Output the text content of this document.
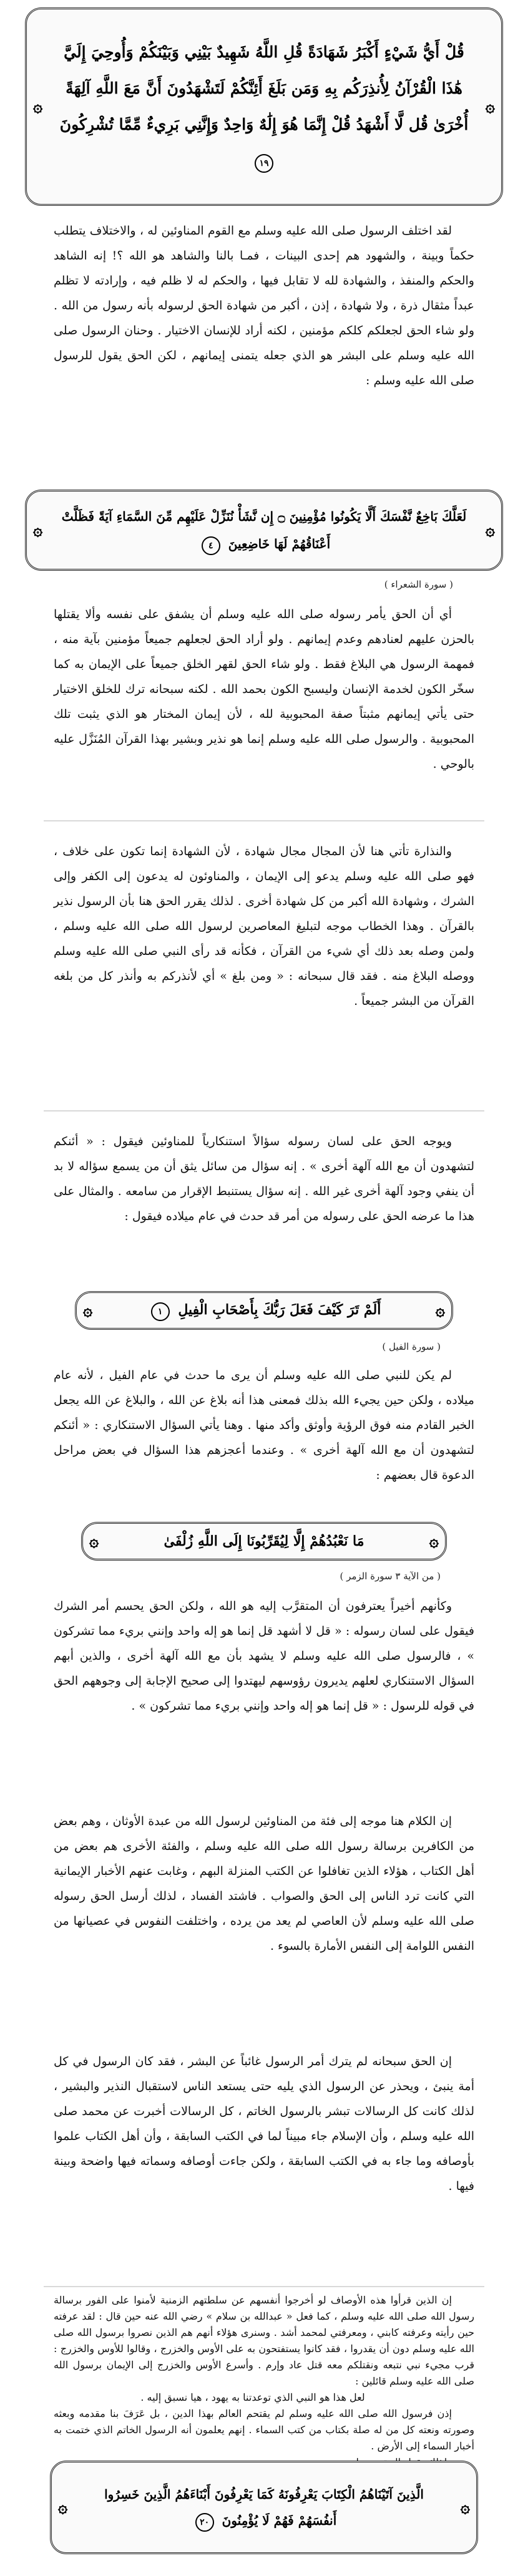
۞
قُلْ أَيُّ شَيْءٍ أَكْبَرُ شَهَادَةً قُلِ اللَّهُ شَهِيدٌ بَيْنِي وَبَيْنَكُمْ وَأُوحِيَ إِلَيَّ هَٰذَا الْقُرْآنُ لِأُنذِرَكُم بِهِ وَمَن بَلَغَ أَئِنَّكُمْ لَتَشْهَدُونَ أَنَّ مَعَ اللَّهِ آلِهَةً أُخْرَىٰ قُل لَّا أَشْهَدُ قُلْ إِنَّمَا هُوَ إِلَٰهٌ وَاحِدٌ وَإِنَّنِي بَرِيءٌ مِّمَّا تُشْرِكُونَ ١٩
۞

لقد اختلف الرسول صلى الله عليه وسلم مع القوم المناوئين له ، والاختلاف يتطلب حكماً وبينة ، والشهود هم إحدى البينات ، فمـا بالنا والشاهد هو الله ؟! إنه الشاهد والحكم والمنفذ ، والشهادة لله لا تقابل فيها ، والحكم له لا ظلم فيه ، وإرادته لا تظلم عبداً مثقال ذرة ، ولا شهادة ، إذن ، أكبر من شهادة الحق لرسوله بأنه رسول من الله . ولو شاء الحق لجعلكم كلكم مؤمنين ، لكنه أراد للإنسان الاختيار . وحنان الرسول صلى الله عليه وسلم على البشر هو الذي جعله يتمنى إيمانهم ، لكن الحق يقول للرسول صلى الله عليه وسلم :

۞
لَعَلَّكَ بَاخِعٌ نَّفْسَكَ أَلَّا يَكُونُوا مُؤْمِنِينَ ۝ إِن نَّشَأْ نُنَزِّلْ عَلَيْهِم مِّنَ السَّمَاءِ آيَةً فَظَلَّتْ أَعْنَاقُهُمْ لَهَا خَاضِعِينَ ٤
۞
( سورة الشعراء )

أي أن الحق يأمر رسوله صلى الله عليه وسلم أن يشفق على نفسه وألا يقتلها بالحزن عليهم لعنادهم وعدم إيمانهم . ولو أراد الحق لجعلهم جميعاً مؤمنين بآية منه ، فمهمة الرسول هي البلاغ فقط . ولو شاء الحق لقهر الخلق جميعاً على الإيمان به كما سخّر الكون لخدمة الإنسان وليسبح الكون بحمد الله . لكنه سبحانه ترك للخلق الاختيار حتى يأتي إيمانهم مثبتاً صفة المحبوبية لله ، لأن إيمان المختار هو الذي يثبت تلك المحبوبية . والرسول صلى الله عليه وسلم إنما هو نذير وبشير بهذا القرآن المُنَزَّل عليه بالوحي .

والنذارة تأتي هنا لأن المجال مجال شهادة ، لأن الشهادة إنما تكون على خلاف ، فهو صلى الله عليه وسلم يدعو إلى الإيمان ، والمناوئون له يدعون إلى الكفر وإلى الشرك ، وشهادة الله أكبر من كل شهادة أخرى . لذلك يقرر الحق هنا بأن الرسول نذير بالقرآن . وهذا الخطاب موجه لتبليغ المعاصرين لرسول الله صلى الله عليه وسلم ، ولمن وصله بعد ذلك أي شيء من القرآن ، فكأنه قد رأى النبي صلى الله عليه وسلم ووصله البلاغ منه . فقد قال سبحانه : « ومن بلغ » أي لأنذركم به وأنذر كل من بلغه القرآن من البشر جميعاً .

ويوجه الحق على لسان رسوله سؤالاً استنكارياً للمناوئين فيقول : « أئنكم لتشهدون أن مع الله آلهة أخرى » . إنه سؤال من سائل يثق أن من يسمع سؤاله لا بد أن ينفي وجود آلهة أخرى غير الله . إنه سؤال يستنبط الإقرار من سامعه . والمثال على هذا ما عرضه الحق على رسوله من أمر قد حدث في عام ميلاده فيقول :

۞
أَلَمْ تَرَ كَيْفَ فَعَلَ رَبُّكَ بِأَصْحَابِ الْفِيلِ ١
۞
( سورة الفيل )

لم يكن للنبي صلى الله عليه وسلم أن يرى ما حدث في عام الفيل ، لأنه عام ميلاده ، ولكن حين يجيء الله بذلك فمعنى هذا أنه بلاغ عن الله ، والبلاغ عن الله يجعل الخبر القادم منه فوق الرؤية وأوثق وأكد منها . وهنا يأتي السؤال الاستنكاري : « أئنكم لتشهدون أن مع الله آلهة أخرى » . وعندما أعجزهم هذا السؤال في بعض مراحل الدعوة قال بعضهم :

۞
مَا نَعْبُدُهُمْ إِلَّا لِيُقَرِّبُونَا إِلَى اللَّهِ زُلْفَىٰ
۞
( من الآية ٣ سورة الزمر )

وكأنهم أخيراً يعترفون أن المتقرَّب إليه هو الله ، ولكن الحق يحسم أمر الشرك فيقول على لسان رسوله : « قل لا أشهد قل إنما هو إله واحد وإنني بريء مما تشركون » ، فالرسول صلى الله عليه وسلم لا يشهد بأن مع الله آلهة أخرى ، والذين أبهم السؤال الاستنكاري لعلهم يديرون رؤوسهم ليهتدوا إلى صحيح الإجابة إلى وجوههم الحق في قوله للرسول : « قل إنما هو إله واحد وإنني بريء مما تشركون » .

إن الكلام هنا موجه إلى فئة من المناوئين لرسول الله من عبدة الأوثان ، وهم بعض من الكافرين برسالة رسول الله صلى الله عليه وسلم ، والفئة الأخرى هم بعض من أهل الكتاب ، هؤلاء الذين تغافلوا عن الكتب المنزلة البهم ، وغابت عنهم الأخبار الإيمانية التي كانت ترد الناس إلى الحق والصواب . فاشتد الفساد ، لذلك أرسل الحق رسوله صلى الله عليه وسلم لأن العاصي لم يعد من يرده ، واختلفت النفوس في عصيانها من النفس اللوامة إلى النفس الأمارة بالسوء .

إن الحق سبحانه لم يترك أمر الرسول غائباً عن البشر ، فقد كان الرسول في كل أمة ينبئ ، ويحذر عن الرسول الذي يليه حتى يستعد الناس لاستقبال النذير والبشير ، لذلك كانت كل الرسالات تبشر بالرسول الخاتم ، كل الرسالات أخبرت عن محمد صلى الله عليه وسلم ، وأن الإسلام جاء مبيناً لما في الكتب السابقة ، وأن أهل الكتاب علموا بأوصافه وما جاء به في الكتب السابقة ، ولكن جاءت أوصافه وسماته فيها واضحة وبينة فيها .

إن الذين قرأوا هذه الأوصاف لو أخرجوا أنفسهم عن سلطتهم الزمنية لأمنوا على الفور برسالة رسول الله صلى الله عليه وسلم ، كما فعل « عبدالله بن سلام » رضي الله عنه حين قال : لقد عرفته حين رأيته وعرفته كابني ، ومعرفتي لمحمد أشد . وسنرى هؤلاء أنهم هم الذين نصروا برسول الله صلى الله عليه وسلم دون أن يقدروا ، فقد كانوا يستفتحون به على الأوس والخزرج ، وقالوا للأوس والخزرج : قرب مجيء نبي نتبعه ونقتلكم معه قتل عاد وإرم . وأسرع الأوس والخزرج إلى الإيمان برسول الله صلى الله عليه وسلم قائلين :

لعل هذا هو النبي الذي توعدتنا به يهود ، هيا نسبق إليه .

إذن فرسول الله صلى الله عليه وسلم لم يقتحم العالم بهذا الدين ، بل عَرَفَ بنا مقدمه وبعثه وصورته ونعته كل من له صلة بكتاب من كتب السماء . إنهم يعلمون أنه الرسول الخاتم الذي ختمت به أخبار السماء إلى الأرض .

۞
الَّذِينَ آتَيْنَاهُمُ الْكِتَابَ يَعْرِفُونَهُ كَمَا يَعْرِفُونَ أَبْنَاءَهُمُ الَّذِينَ خَسِرُوا أَنفُسَهُمْ فَهُمْ لَا يُؤْمِنُونَ ٢٠
۞
